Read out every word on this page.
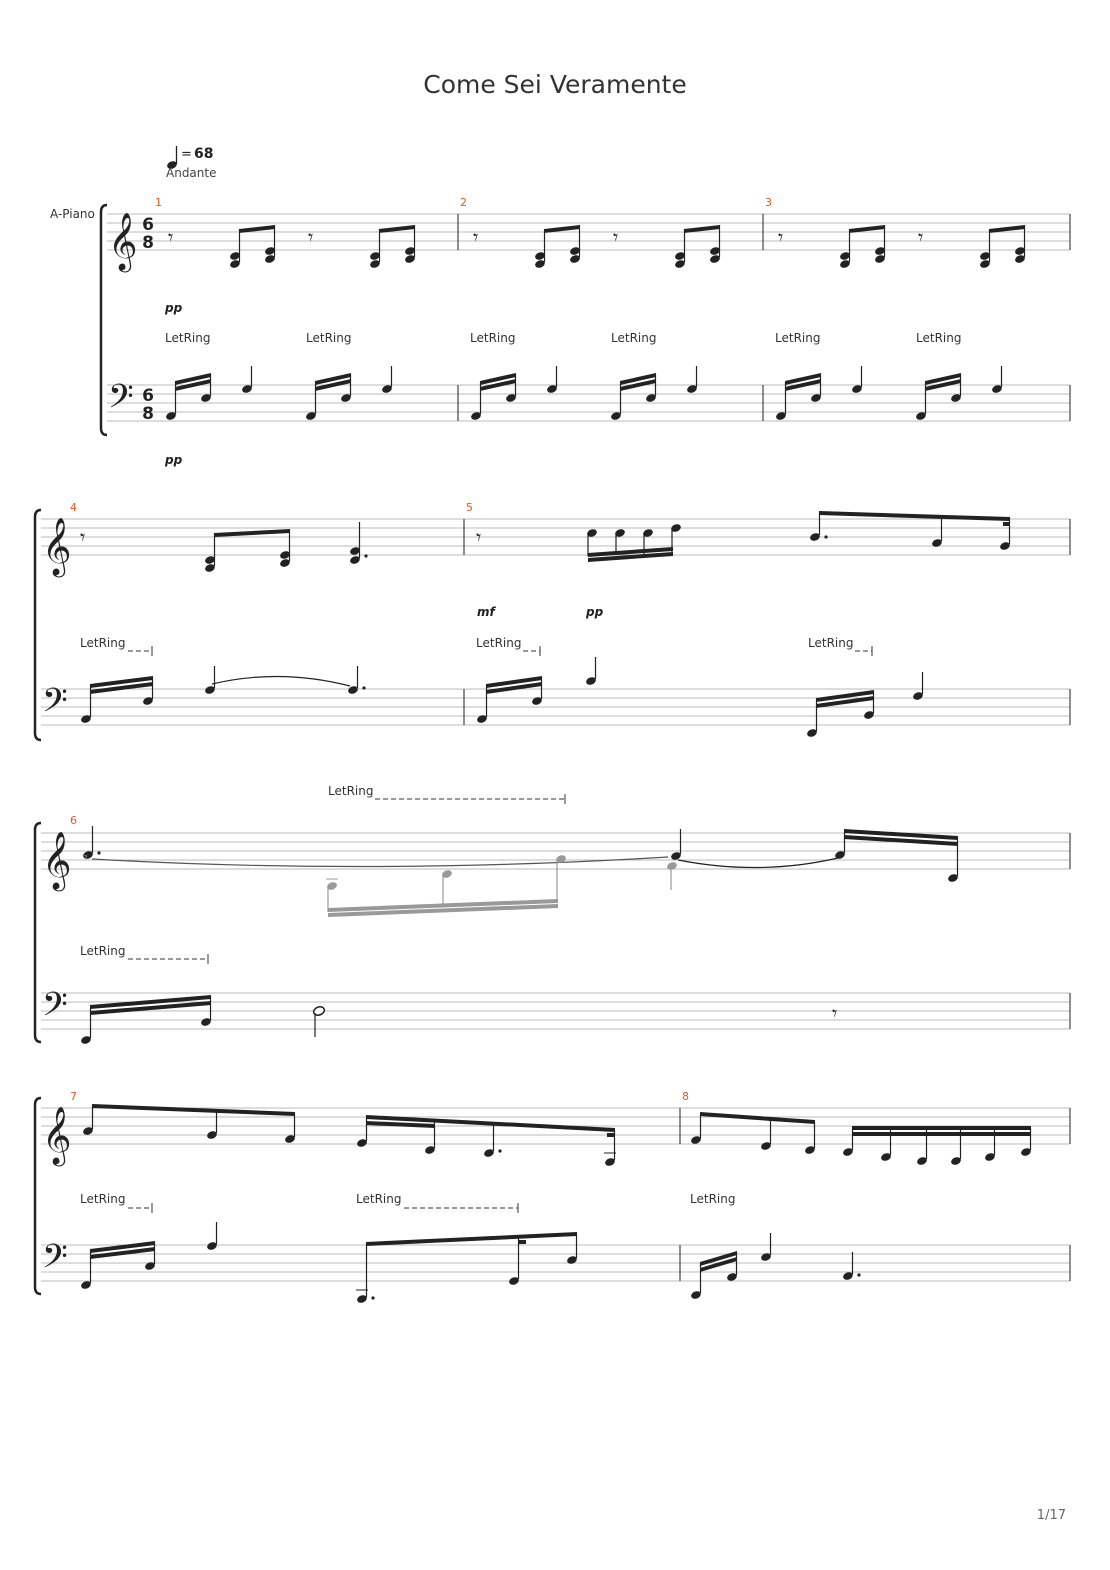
Come Sei Veramente
= 68
Andante
A-Piano 𝄞
𝄢
6
8
6
8
1	2	3
𝄾	𝄾	𝄾	𝄾	𝄾	𝄾
pp
pp
LetRing	LetRing	LetRing	LetRing	LetRing	LetRing
𝄞
𝄢
4	5
𝄾	𝄾
mf	pp
LetRing	LetRing	LetRing
𝄞
𝄢
6
LetRing
𝄾
LetRing
𝄾
𝄞
𝄢
7	8
LetRing	LetRing	LetRing
1/17
